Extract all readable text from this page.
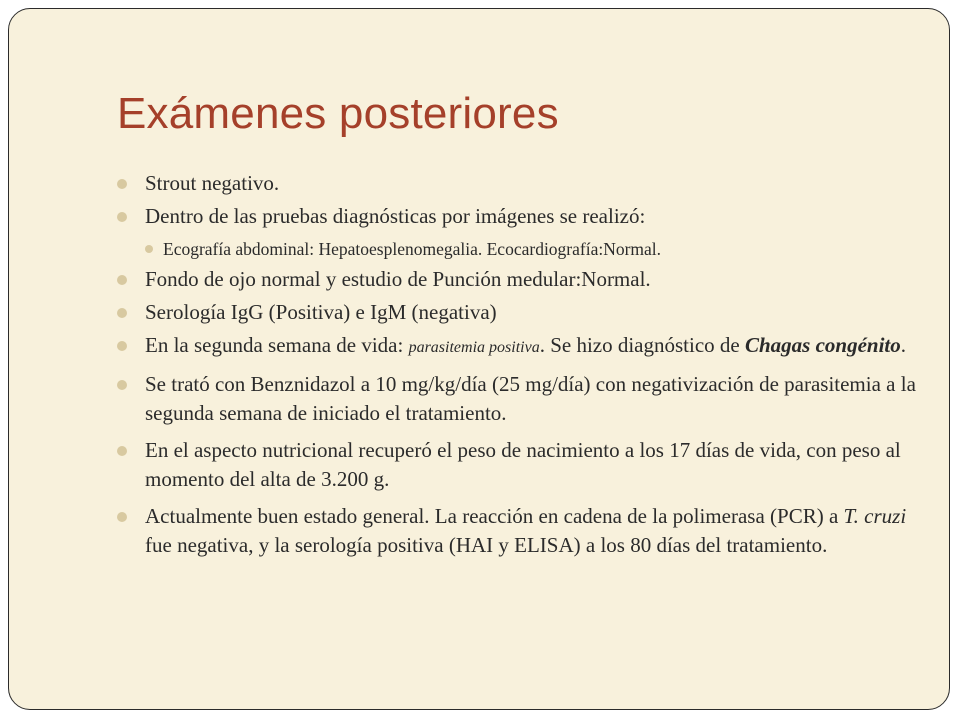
Exámenes posteriores
Strout negativo.
Dentro de las pruebas diagnósticas por imágenes se realizó:
Ecografía abdominal: Hepatoesplenomegalia. Ecocardiografía:Normal.
Fondo de ojo normal y estudio de Punción medular:Normal.
Serología IgG (Positiva) e IgM (negativa)
En la segunda semana de vida: parasitemia positiva. Se hizo diagnóstico de Chagas congénito.
Se trató con Benznidazol a 10 mg/kg/día (25 mg/día) con negativización de parasitemia a la segunda semana de iniciado el tratamiento.
En el aspecto nutricional recuperó el peso de nacimiento a los 17 días de vida, con peso al momento del alta de 3.200 g.
Actualmente buen estado general. La reacción en cadena de la polimerasa (PCR) a T. cruzi fue negativa, y la serología positiva (HAI y ELISA) a los 80 días del tratamiento.
